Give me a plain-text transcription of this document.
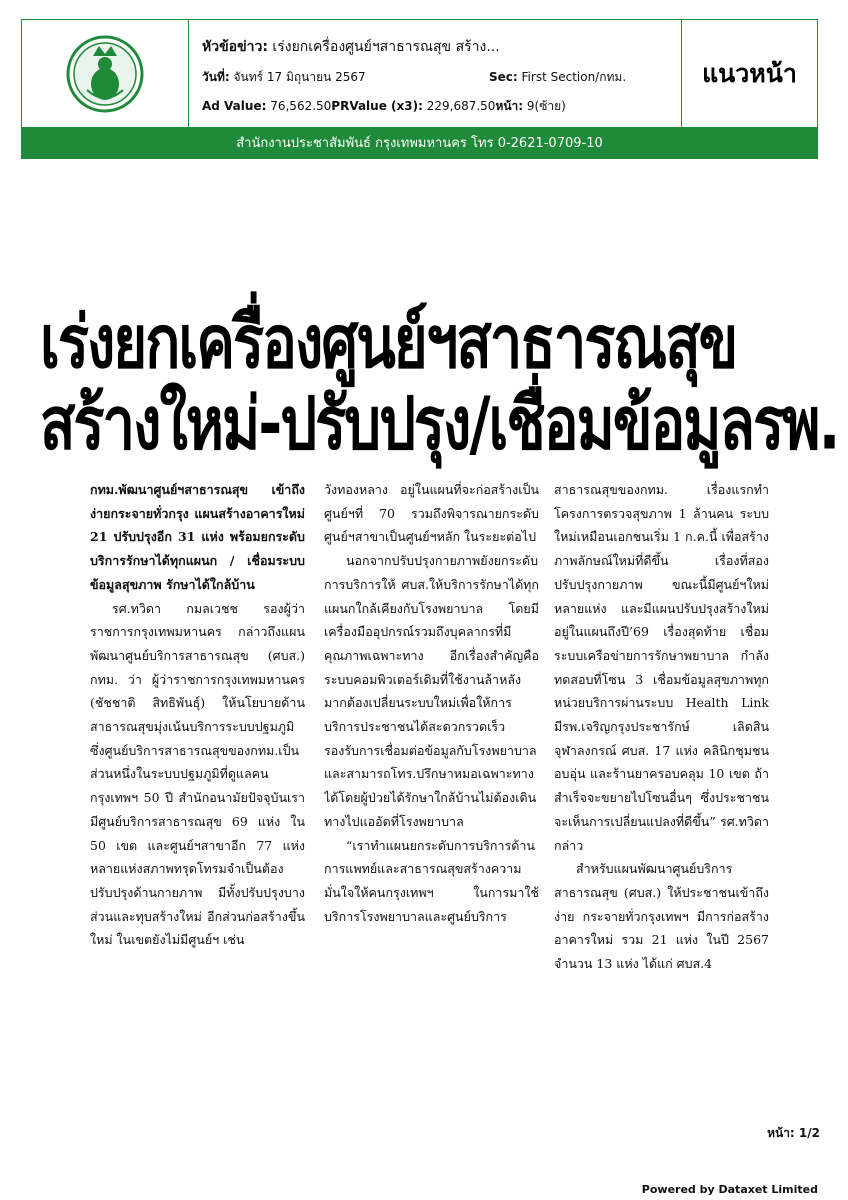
หัวข้อข่าว: เร่งยกเครื่องศูนย์ฯสาธารณสุข สร้าง...
วันที่: จันทร์ 17 มิถุนายน 2567	Sec: First Section/กทม.
Ad Value: 76,562.50PRValue (x3): 229,687.50หน้า: 9(ซ้าย)
แนวหน้า
สำนักงานประชาสัมพันธ์ กรุงเทพมหานคร โทร 0-2621-0709-10
เร่งยกเครื่องศูนย์ฯสาธารณสุข
สร้างใหม่-ปรับปรุง/เชื่อมข้อมูลรพ.

กทม.พัฒนาศูนย์ฯสาธารณสุข เข้าถึงง่ายกระจายทั่วกรุง แผนสร้างอาคารใหม่ 21 ปรับปรุงอีก 31 แห่ง พร้อมยกระดับบริการรักษาได้ทุกแผนก / เชื่อมระบบข้อมูลสุขภาพ รักษาได้ใกล้บ้าน

รศ.ทวิดา กมลเวชช รองผู้ว่าราชการกรุงเทพมหานคร กล่าวถึงแผนพัฒนาศูนย์บริการสาธารณสุข (ศบส.) กทม. ว่า ผู้ว่าราชการกรุงเทพมหานคร (ชัชชาติ สิทธิพันธุ์) ให้นโยบายด้านสาธารณสุขมุ่งเน้นบริการระบบปฐมภูมิ ซึ่งศูนย์บริการสาธารณสุขของกทม.เป็นส่วนหนึ่งในระบบปฐมภูมิที่ดูแลคนกรุงเทพฯ 50 ปี สำนักอนามัยปัจจุบันเรามีศูนย์บริการสาธารณสุข 69 แห่ง ใน 50 เขต และศูนย์ฯสาขาอีก 77 แห่ง หลายแห่งสภาพทรุดโทรมจำเป็นต้องปรับปรุงด้านกายภาพ มีทั้งปรับปรุงบางส่วนและทุบสร้างใหม่ อีกส่วนก่อสร้างขึ้นใหม่ ในเขตยังไม่มีศูนย์ฯ เช่น

วังทองหลาง อยู่ในแผนที่จะก่อสร้างเป็นศูนย์ฯที่ 70 รวมถึงพิจารณายกระดับศูนย์ฯสาขาเป็นศูนย์ฯหลัก ในระยะต่อไป

นอกจากปรับปรุงกายภาพยังยกระดับการบริการให้ ศบส.ให้บริการรักษาได้ทุกแผนกใกล้เคียงกับโรงพยาบาล โดยมีเครื่องมืออุปกรณ์รวมถึงบุคลากรที่มีคุณภาพเฉพาะทาง อีกเรื่องสำคัญคือ ระบบคอมพิวเตอร์เดิมที่ใช้งานล้าหลังมากต้องเปลี่ยนระบบใหม่เพื่อให้การบริการประชาชนได้สะดวกรวดเร็ว รองรับการเชื่อมต่อข้อมูลกับโรงพยาบาล และสามารถโทร.ปรึกษาหมอเฉพาะทางได้โดยผู้ป่วยได้รักษาใกล้บ้านไม่ต้องเดินทางไปแออัดที่โรงพยาบาล

“เราทำแผนยกระดับการบริการด้านการแพทย์และสาธารณสุขสร้างความมั่นใจให้คนกรุงเทพฯ ในการมาใช้บริการโรงพยาบาลและศูนย์บริการ

สาธารณสุขของกทม. เรื่องแรกทำโครงการตรวจสุขภาพ 1 ล้านคน ระบบใหม่เหมือนเอกชนเริ่ม 1 ก.ค.นี้ เพื่อสร้างภาพลักษณ์ใหม่ที่ดีขึ้น เรื่องที่สอง ปรับปรุงกายภาพ ขณะนี้มีศูนย์ฯใหม่หลายแห่ง และมีแผนปรับปรุงสร้างใหม่อยู่ในแผนถึงปี’69 เรื่องสุดท้าย เชื่อมระบบเครือข่ายการรักษาพยาบาล กำลังทดสอบที่โซน 3 เชื่อมข้อมูลสุขภาพทุกหน่วยบริการผ่านระบบ Health Link มีรพ.เจริญกรุงประชารักษ์ เลิดสิน จุฬาลงกรณ์ ศบส. 17 แห่ง คลินิกชุมชนอบอุ่น และร้านยาครอบคลุม 10 เขต ถ้าสำเร็จจะขยายไปโซนอื่นๆ ซึ่งประชาชนจะเห็นการเปลี่ยนแปลงที่ดีขึ้น” รศ.ทวิดา กล่าว

สำหรับแผนพัฒนาศูนย์บริการสาธารณสุข (ศบส.) ให้ประชาชนเข้าถึงง่าย กระจายทั่วกรุงเทพฯ มีการก่อสร้างอาคารใหม่ รวม 21 แห่ง ในปี 2567 จำนวน 13 แห่ง ได้แก่ ศบส.4

หน้า: 1/2
Powered by Dataxet Limited
